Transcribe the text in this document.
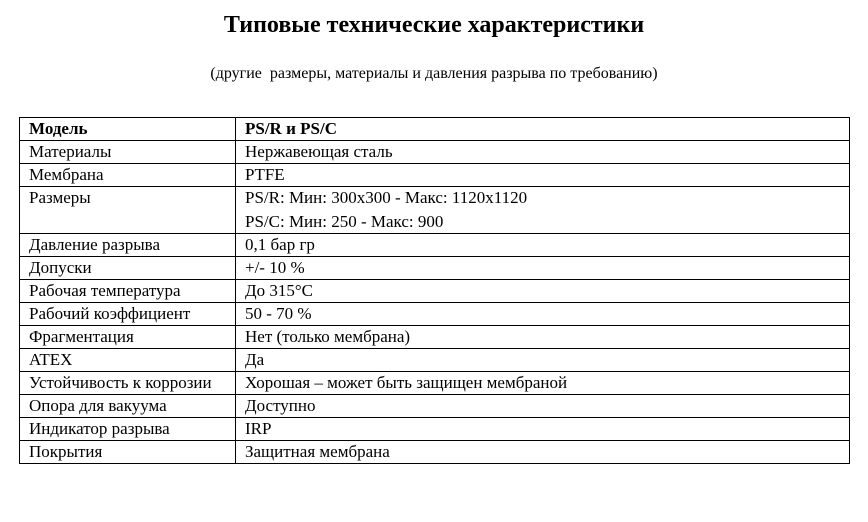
Типовые технические характеристики
(другие  размеры, материалы и давления разрыва по требованию)
Модель	PS/R и PS/C
Материалы	Нержавеющая сталь
Мембрана	PTFE
Размеры	PS/R: Мин: 300x300 - Макс: 1120x1120
PS/C: Мин: 250 - Макс: 900

Давление разрыва	0,1 бар гр
Допуски	+/- 10 %
Рабочая температура	До 315°C
Рабочий коэффициент	50 - 70 %
Фрагментация	Нет (только мембрана)
ATEX	Да
Устойчивость к коррозии	Хорошая – может быть защищен мембраной
Опора для вакуума	Доступно
Индикатор разрыва	IRP
Покрытия	Защитная мембрана
